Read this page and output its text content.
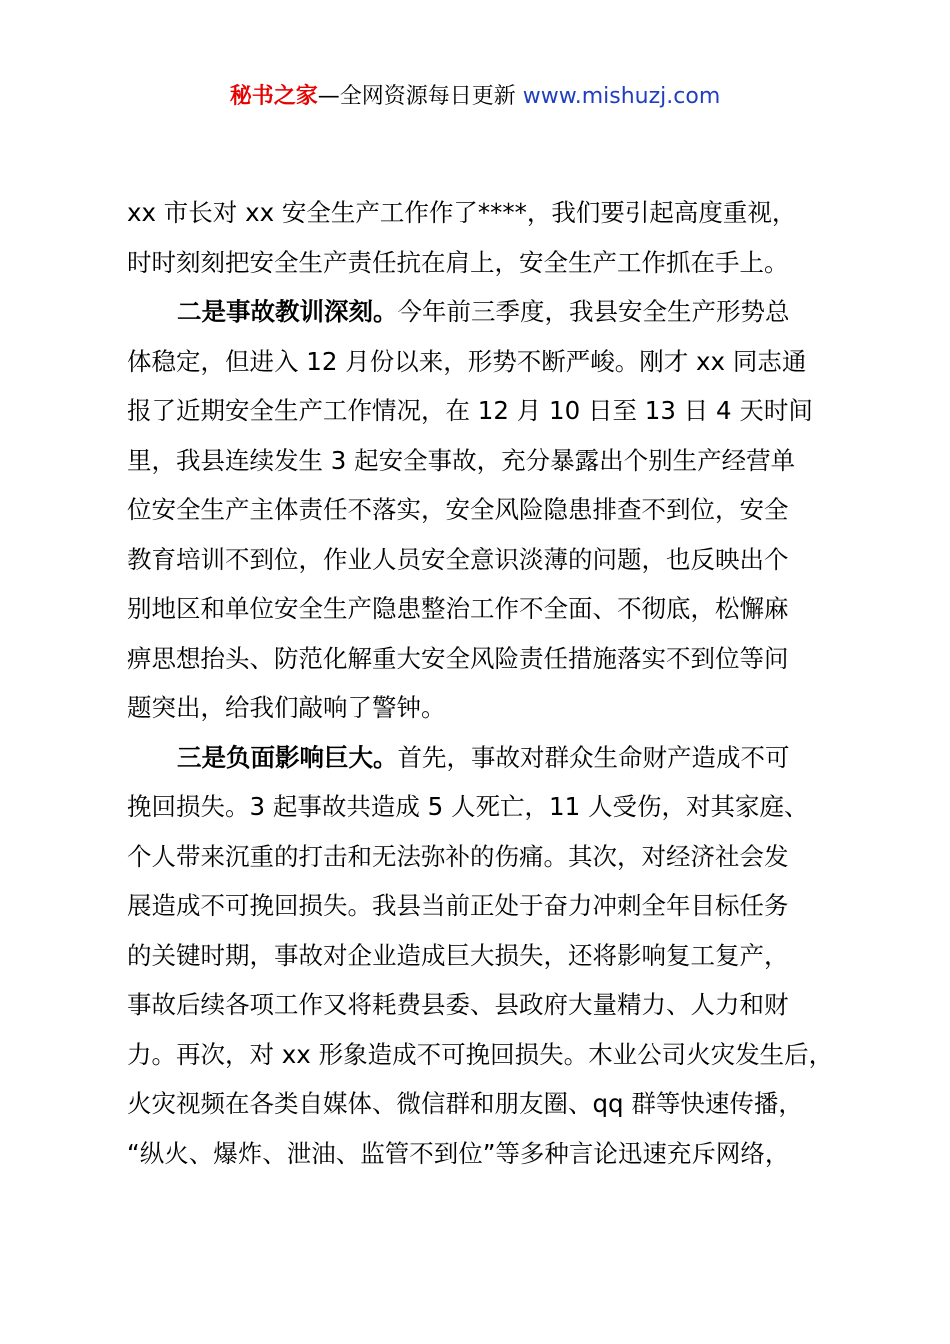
秘书之家—全网资源每日更新 www.mishuzj.com
xx 市长对 xx 安全生产工作作了****，我们要引起高度重视，
时时刻刻把安全生产责任抗在肩上，安全生产工作抓在手上。
二是事故教训深刻。今年前三季度，我县安全生产形势总
体稳定，但进入 12 月份以来，形势不断严峻。刚才 xx 同志通
报了近期安全生产工作情况，在 12 月 10 日至 13 日 4 天时间
里，我县连续发生 3 起安全事故，充分暴露出个别生产经营单
位安全生产主体责任不落实，安全风险隐患排查不到位，安全
教育培训不到位，作业人员安全意识淡薄的问题，也反映出个
别地区和单位安全生产隐患整治工作不全面、不彻底，松懈麻
痹思想抬头、防范化解重大安全风险责任措施落实不到位等问
题突出，给我们敲响了警钟。
三是负面影响巨大。首先，事故对群众生命财产造成不可
挽回损失。3 起事故共造成 5 人死亡，11 人受伤，对其家庭、
个人带来沉重的打击和无法弥补的伤痛。其次，对经济社会发
展造成不可挽回损失。我县当前正处于奋力冲刺全年目标任务
的关键时期，事故对企业造成巨大损失，还将影响复工复产，
事故后续各项工作又将耗费县委、县政府大量精力、人力和财
力。再次，对 xx 形象造成不可挽回损失。木业公司火灾发生后，
火灾视频在各类自媒体、微信群和朋友圈、qq 群等快速传播，
“纵火、爆炸、泄油、监管不到位”等多种言论迅速充斥网络，
